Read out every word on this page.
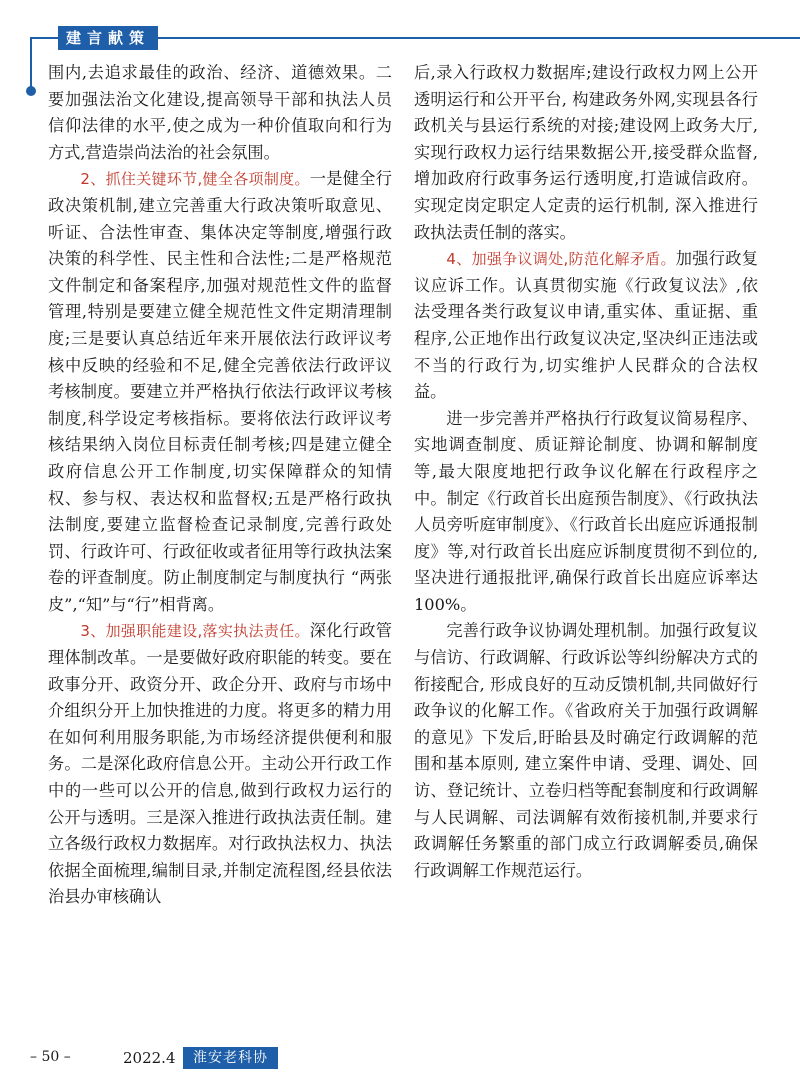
建言献策

围内,去追求最佳的政治、经济、道德效果。二要加强法治文化建设,提高领导干部和执法人员信仰法律的水平,使之成为一种价值取向和行为方式,营造崇尚法治的社会氛围。

2、抓住关键环节,健全各项制度。一是健全行政决策机制,建立完善重大行政决策听取意见、听证、合法性审查、集体决定等制度,增强行政决策的科学性、民主性和合法性;二是严格规范文件制定和备案程序,加强对规范性文件的监督管理,特别是要建立健全规范性文件定期清理制度;三是要认真总结近年来开展依法行政评议考核中反映的经验和不足,健全完善依法行政评议考核制度。要建立并严格执行依法行政评议考核制度,科学设定考核指标。要将依法行政评议考核结果纳入岗位目标责任制考核;四是建立健全政府信息公开工作制度,切实保障群众的知情权、参与权、表达权和监督权;五是严格行政执法制度,要建立监督检查记录制度,完善行政处罚、行政许可、行政征收或者征用等行政执法案卷的评查制度。防止制度制定与制度执行 “两张皮”,“知”与“行”相背离。

3、加强职能建设,落实执法责任。深化行政管理体制改革。一是要做好政府职能的转变。要在政事分开、政资分开、政企分开、政府与市场中介组织分开上加快推进的力度。将更多的精力用在如何利用服务职能,为市场经济提供便利和服务。二是深化政府信息公开。主动公开行政工作中的一些可以公开的信息,做到行政权力运行的公开与透明。三是深入推进行政执法责任制。建立各级行政权力数据库。对行政执法权力、执法依据全面梳理,编制目录,并制定流程图,经县依法治县办审核确认

后,录入行政权力数据库;建设行政权力网上公开透明运行和公开平台, 构建政务外网,实现县各行政机关与县运行系统的对接;建设网上政务大厅, 实现行政权力运行结果数据公开,接受群众监督,增加政府行政事务运行透明度,打造诚信政府。实现定岗定职定人定责的运行机制, 深入推进行政执法责任制的落实。

4、加强争议调处,防范化解矛盾。加强行政复议应诉工作。认真贯彻实施《行政复议法》,依法受理各类行政复议申请,重实体、重证据、重程序,公正地作出行政复议决定,坚决纠正违法或不当的行政行为,切实维护人民群众的合法权益。

进一步完善并严格执行行政复议简易程序、实地调查制度、质证辩论制度、协调和解制度等,最大限度地把行政争议化解在行政程序之中。制定《行政首长出庭预告制度》、《行政执法人员旁听庭审制度》、《行政首长出庭应诉通报制度》等,对行政首长出庭应诉制度贯彻不到位的,坚决进行通报批评,确保行政首长出庭应诉率达 100%。

完善行政争议协调处理机制。加强行政复议与信访、行政调解、行政诉讼等纠纷解决方式的衔接配合, 形成良好的互动反馈机制,共同做好行政争议的化解工作。《省政府关于加强行政调解的意见》下发后,盱眙县及时确定行政调解的范围和基本原则, 建立案件申请、受理、调处、回访、登记统计、立卷归档等配套制度和行政调解与人民调解、司法调解有效衔接机制,并要求行政调解任务繁重的部门成立行政调解委员,确保行政调解工作规范运行。

– 50 –	2022.4	淮安老科协
